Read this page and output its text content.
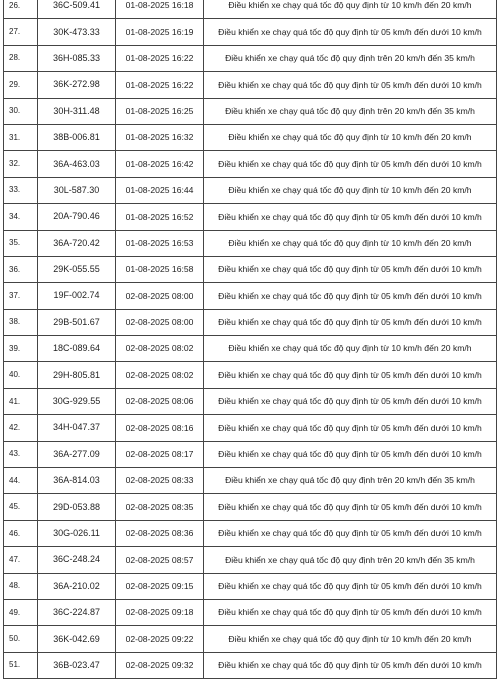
26.	36C-509.41	01-08-2025 16:18	Điều khiển xe chạy quá tốc độ quy định từ 10 km/h đến 20 km/h
27.	30K-473.33	01-08-2025 16:19	Điều khiển xe chạy quá tốc độ quy định từ 05 km/h đến dưới 10 km/h
28.	36H-085.33	01-08-2025 16:22	Điều khiển xe chạy quá tốc độ quy định trên 20 km/h đến 35 km/h
29.	36K-272.98	01-08-2025 16:22	Điều khiển xe chạy quá tốc độ quy định từ 05 km/h đến dưới 10 km/h
30.	30H-311.48	01-08-2025 16:25	Điều khiển xe chạy quá tốc độ quy định trên 20 km/h đến 35 km/h
31.	38B-006.81	01-08-2025 16:32	Điều khiển xe chạy quá tốc độ quy định từ 10 km/h đến 20 km/h
32.	36A-463.03	01-08-2025 16:42	Điều khiển xe chạy quá tốc độ quy định từ 05 km/h đến dưới 10 km/h
33.	30L-587.30	01-08-2025 16:44	Điều khiển xe chạy quá tốc độ quy định từ 10 km/h đến 20 km/h
34.	20A-790.46	01-08-2025 16:52	Điều khiển xe chạy quá tốc độ quy định từ 05 km/h đến dưới 10 km/h
35.	36A-720.42	01-08-2025 16:53	Điều khiển xe chạy quá tốc độ quy định từ 10 km/h đến 20 km/h
36.	29K-055.55	01-08-2025 16:58	Điều khiển xe chạy quá tốc độ quy định từ 05 km/h đến dưới 10 km/h
37.	19F-002.74	02-08-2025 08:00	Điều khiển xe chạy quá tốc độ quy định từ 05 km/h đến dưới 10 km/h
38.	29B-501.67	02-08-2025 08:00	Điều khiển xe chạy quá tốc độ quy định từ 05 km/h đến dưới 10 km/h
39.	18C-089.64	02-08-2025 08:02	Điều khiển xe chạy quá tốc độ quy định từ 10 km/h đến 20 km/h
40.	29H-805.81	02-08-2025 08:02	Điều khiển xe chạy quá tốc độ quy định từ 05 km/h đến dưới 10 km/h
41.	30G-929.55	02-08-2025 08:06	Điều khiển xe chạy quá tốc độ quy định từ 05 km/h đến dưới 10 km/h
42.	34H-047.37	02-08-2025 08:16	Điều khiển xe chạy quá tốc độ quy định từ 05 km/h đến dưới 10 km/h
43.	36A-277.09	02-08-2025 08:17	Điều khiển xe chạy quá tốc độ quy định từ 05 km/h đến dưới 10 km/h
44.	36A-814.03	02-08-2025 08:33	Điều khiển xe chạy quá tốc độ quy định trên 20 km/h đến 35 km/h
45.	29D-053.88	02-08-2025 08:35	Điều khiển xe chạy quá tốc độ quy định từ 05 km/h đến dưới 10 km/h
46.	30G-026.11	02-08-2025 08:36	Điều khiển xe chạy quá tốc độ quy định từ 05 km/h đến dưới 10 km/h
47.	36C-248.24	02-08-2025 08:57	Điều khiển xe chạy quá tốc độ quy định trên 20 km/h đến 35 km/h
48.	36A-210.02	02-08-2025 09:15	Điều khiển xe chạy quá tốc độ quy định từ 05 km/h đến dưới 10 km/h
49.	36C-224.87	02-08-2025 09:18	Điều khiển xe chạy quá tốc độ quy định từ 05 km/h đến dưới 10 km/h
50.	36K-042.69	02-08-2025 09:22	Điều khiển xe chạy quá tốc độ quy định từ 10 km/h đến 20 km/h
51.	36B-023.47	02-08-2025 09:32	Điều khiển xe chạy quá tốc độ quy định từ 05 km/h đến dưới 10 km/h
